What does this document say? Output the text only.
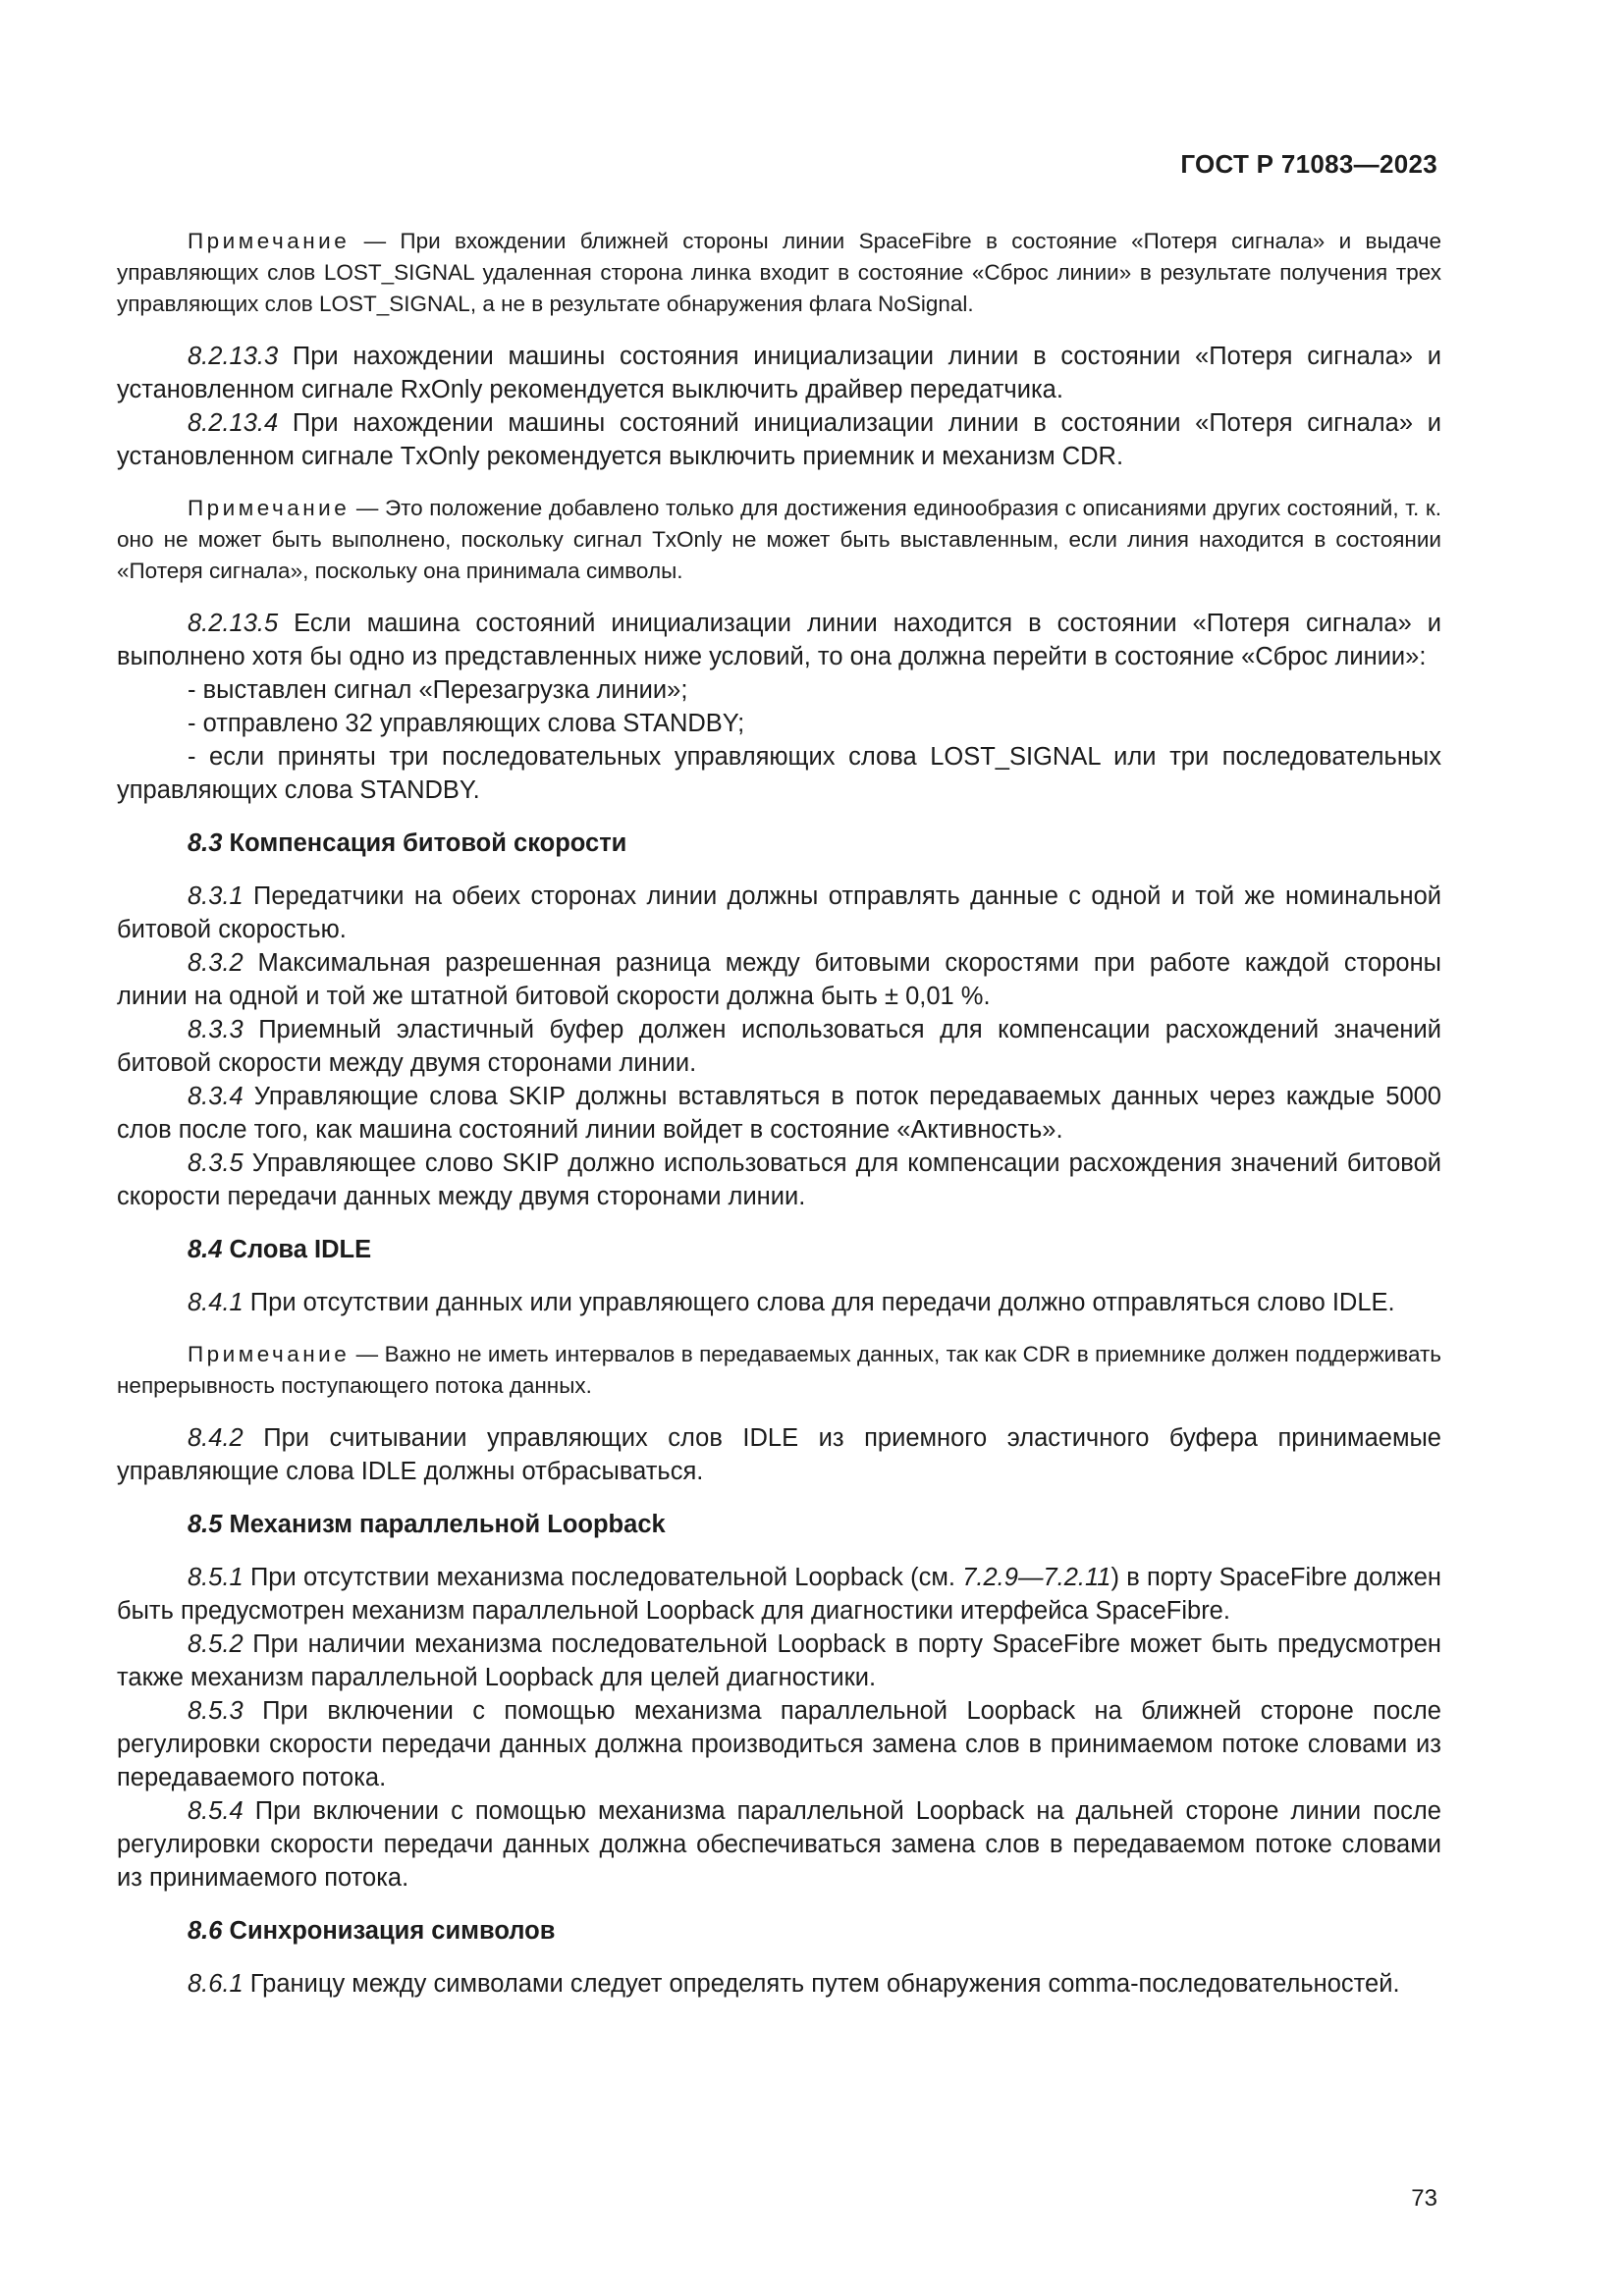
ГОСТ Р 71083—2023

Примечание — При вхождении ближней стороны линии SpaceFibre в состояние «Потеря сигнала» и выдаче управляющих слов LOST_SIGNAL удаленная сторона линка входит в состояние «Сброс линии» в результате получения трех управляющих слов LOST_SIGNAL, а не в результате обнаружения флага NoSignal.

8.2.13.3 При нахождении машины состояния инициализации линии в состоянии «Потеря сигнала» и установленном сигнале RxOnly рекомендуется выключить драйвер передатчика.

8.2.13.4 При нахождении машины состояний инициализации линии в состоянии «Потеря сигнала» и установленном сигнале TxOnly рекомендуется выключить приемник и механизм CDR.

Примечание — Это положение добавлено только для достижения единообразия с описаниями других состояний, т. к. оно не может быть выполнено, поскольку сигнал TxOnly не может быть выставленным, если линия находится в состоянии «Потеря сигнала», поскольку она принимала символы.

8.2.13.5 Если машина состояний инициализации линии находится в состоянии «Потеря сигнала» и выполнено хотя бы одно из представленных ниже условий, то она должна перейти в состояние «Сброс линии»:

- выставлен сигнал «Перезагрузка линии»;

- отправлено 32 управляющих слова STANDBY;

- если приняты три последовательных управляющих слова LOST_SIGNAL или три последовательных управляющих слова STANDBY.

8.3 Компенсация битовой скорости

8.3.1 Передатчики на обеих сторонах линии должны отправлять данные с одной и той же номинальной битовой скоростью.

8.3.2 Максимальная разрешенная разница между битовыми скоростями при работе каждой стороны линии на одной и той же штатной битовой скорости должна быть ± 0,01 %.

8.3.3 Приемный эластичный буфер должен использоваться для компенсации расхождений значений битовой скорости между двумя сторонами линии.

8.3.4 Управляющие слова SKIP должны вставляться в поток передаваемых данных через каждые 5000 слов после того, как машина состояний линии войдет в состояние «Активность».

8.3.5 Управляющее слово SKIP должно использоваться для компенсации расхождения значений битовой скорости передачи данных между двумя сторонами линии.

8.4 Слова IDLE

8.4.1 При отсутствии данных или управляющего слова для передачи должно отправляться слово IDLE.

Примечание — Важно не иметь интервалов в передаваемых данных, так как CDR в приемнике должен поддерживать непрерывность поступающего потока данных.

8.4.2 При считывании управляющих слов IDLE из приемного эластичного буфера принимаемые управляющие слова IDLE должны отбрасываться.

8.5 Механизм параллельной Loopback

8.5.1 При отсутствии механизма последовательной Loopback (см. 7.2.9—7.2.11) в порту SpaceFibre должен быть предусмотрен механизм параллельной Loopback для диагностики итерфейса SpaceFibre.

8.5.2 При наличии механизма последовательной Loopback в порту SpaceFibre может быть предусмотрен также механизм параллельной Loopback для целей диагностики.

8.5.3 При включении с помощью механизма параллельной Loopback на ближней стороне после регулировки скорости передачи данных должна производиться замена слов в принимаемом потоке словами из передаваемого потока.

8.5.4 При включении с помощью механизма параллельной Loopback на дальней стороне линии после регулировки скорости передачи данных должна обеспечиваться замена слов в передаваемом потоке словами из принимаемого потока.

8.6 Синхронизация символов

8.6.1 Границу между символами следует определять путем обнаружения comma-последовательностей.

73
